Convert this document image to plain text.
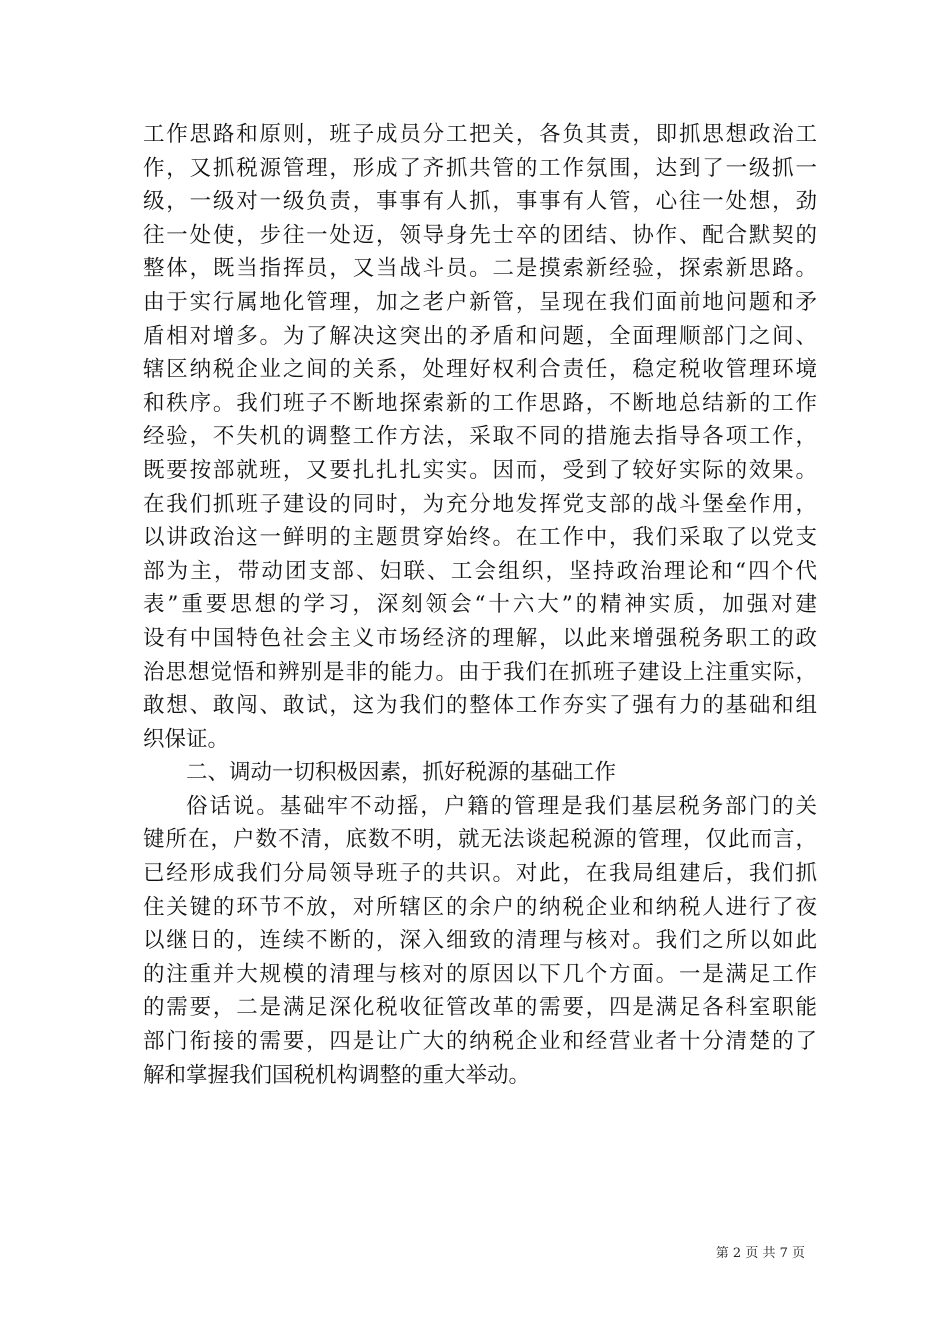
工作思路和原则，班子成员分工把关，各负其责，即抓思想政治工
作，又抓税源管理，形成了齐抓共管的工作氛围，达到了一级抓一
级，一级对一级负责，事事有人抓，事事有人管，心往一处想，劲
往一处使，步往一处迈，领导身先士卒的团结、协作、配合默契的
整体，既当指挥员，又当战斗员。二是摸索新经验，探索新思路。
由于实行属地化管理，加之老户新管，呈现在我们面前地问题和矛
盾相对增多。为了解决这突出的矛盾和问题，全面理顺部门之间、
辖区纳税企业之间的关系，处理好权利合责任，稳定税收管理环境
和秩序。我们班子不断地探索新的工作思路，不断地总结新的工作
经验，不失机的调整工作方法，采取不同的措施去指导各项工作，
既要按部就班，又要扎扎扎实实。因而，受到了较好实际的效果。
在我们抓班子建设的同时，为充分地发挥党支部的战斗堡垒作用，
以讲政治这一鲜明的主题贯穿始终。在工作中，我们采取了以党支
部为主，带动团支部、妇联、工会组织，坚持政治理论和“四个代
表”重要思想的学习，深刻领会“十六大”的精神实质，加强对建
设有中国特色社会主义市场经济的理解，以此来增强税务职工的政
治思想觉悟和辨别是非的能力。由于我们在抓班子建设上注重实际，
敢想、敢闯、敢试，这为我们的整体工作夯实了强有力的基础和组
织保证。
二、调动一切积极因素，抓好税源的基础工作
俗话说。基础牢不动摇，户籍的管理是我们基层税务部门的关
键所在，户数不清，底数不明，就无法谈起税源的管理，仅此而言，
已经形成我们分局领导班子的共识。对此，在我局组建后，我们抓
住关键的环节不放，对所辖区的余户的纳税企业和纳税人进行了夜
以继日的，连续不断的，深入细致的清理与核对。我们之所以如此
的注重并大规模的清理与核对的原因以下几个方面。一是满足工作
的需要，二是满足深化税收征管改革的需要，四是满足各科室职能
部门衔接的需要，四是让广大的纳税企业和经营业者十分清楚的了
解和掌握我们国税机构调整的重大举动。
第 2 页 共 7 页
